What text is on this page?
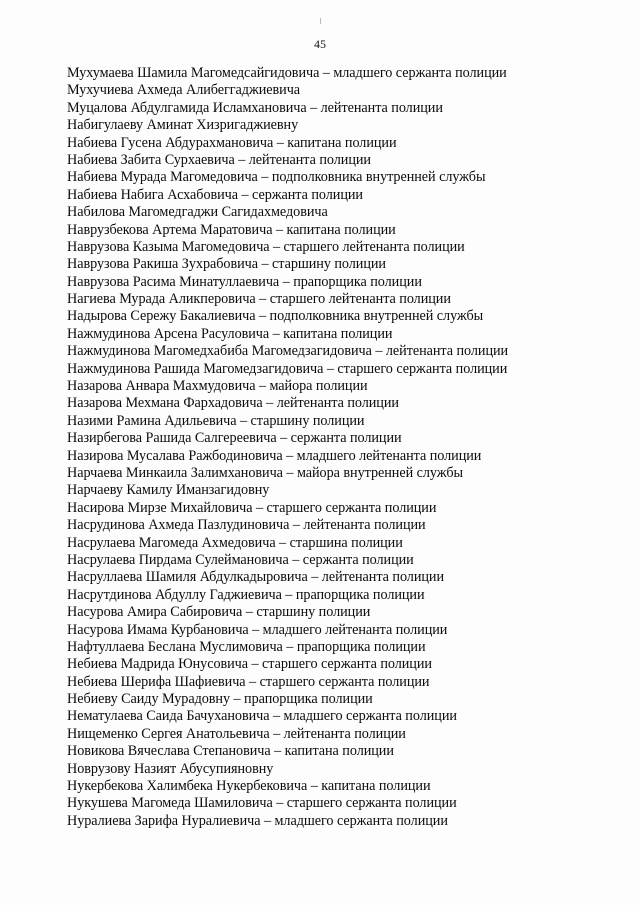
45
Мухумаева Шамила Магомедсайгидовича – младшего сержанта полиции
Мухучиева Ахмеда Алибеггаджиевича
Муцалова Абдулгамида Исламхановича – лейтенанта полиции
Набигулаеву Аминат Хизригаджиевну
Набиева Гусена Абдурахмановича – капитана полиции
Набиева Забита Сурхаевича – лейтенанта полиции
Набиева Мурада Магомедовича – подполковника внутренней службы
Набиева Набига Асхабовича – сержанта полиции
Набилова Магомедгаджи Сагидахмедовича
Наврузбекова Артема Маратовича – капитана полиции
Наврузова Казыма Магомедовича – старшего лейтенанта полиции
Наврузова Ракиша Зухрабовича – старшину полиции
Наврузова Расима Минатуллаевича – прапорщика полиции
Нагиева Мурада Аликперовича – старшего лейтенанта полиции
Надырова Сережу Бакалиевича – подполковника внутренней службы
Нажмудинова Арсена Расуловича – капитана полиции
Нажмудинова Магомедхабиба Магомедзагидовича – лейтенанта полиции
Нажмудинова Рашида Магомедзагидовича – старшего сержанта полиции
Назарова Анвара Махмудовича – майора полиции
Назарова Мехмана Фархадовича – лейтенанта полиции
Назими Рамина Адильевича – старшину полиции
Назирбегова Рашида Салгереевича – сержанта полиции
Назирова Мусалава Ражбодиновича – младшего лейтенанта полиции
Нарчаева Минкаила Залимхановича – майора внутренней службы
Нарчаеву Камилу Иманзагидовну
Насирова Мирзе Михайловича – старшего сержанта полиции
Насрудинова Ахмеда Пазлудиновича – лейтенанта полиции
Насрулаева Магомеда Ахмедовича – старшина полиции
Насрулаева Пирдама Сулеймановича – сержанта полиции
Насруллаева Шамиля Абдулкадыровича – лейтенанта полиции
Насрутдинова Абдуллу Гаджиевича – прапорщика полиции
Насурова Амира Сабировича – старшину полиции
Насурова Имама Курбановича – младшего лейтенанта полиции
Нафтуллаева Беслана Муслимовича – прапорщика полиции
Небиева Мадрида Юнусовича – старшего сержанта полиции
Небиева Шерифа Шафиевича – старшего сержанта полиции
Небиеву Саиду Мурадовну – прапорщика полиции
Нематулаева Саида Бачухановича – младшего сержанта полиции
Нищеменко Сергея Анатольевича – лейтенанта полиции
Новикова Вячеслава Степановича – капитана полиции
Новрузову Назият Абусупияновну
Нукербекова Халимбека Нукербековича – капитана полиции
Нукушева Магомеда Шамиловича – старшего сержанта полиции
Нуралиева Зарифа Нуралиевича – младшего сержанта полиции
